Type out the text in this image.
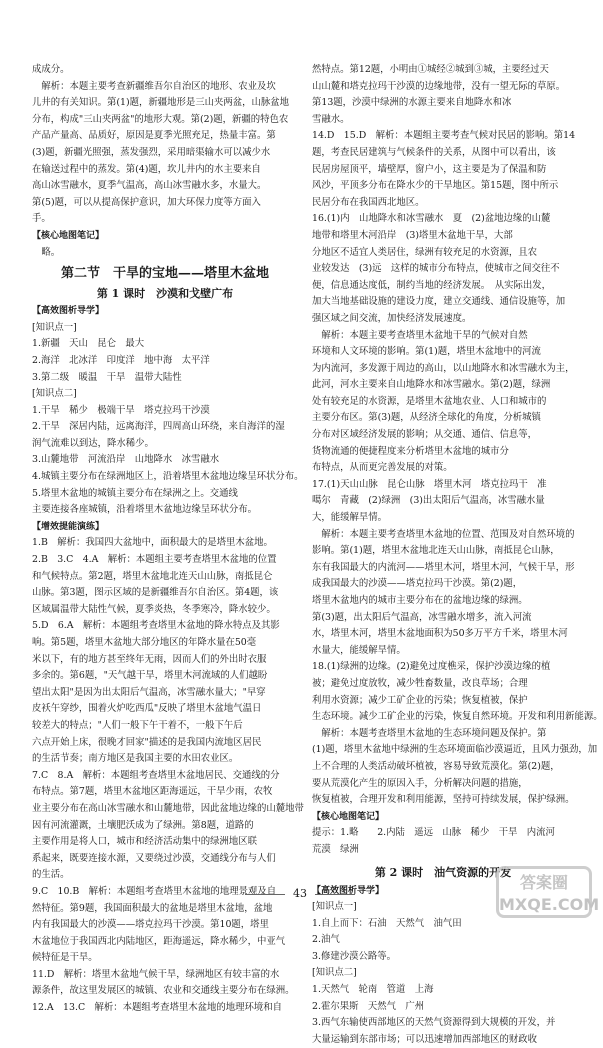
成成分。
　解析：本题主要考查新疆维吾尔自治区的地形、农业及坎
儿井的有关知识。第(1)题，新疆地形是三山夹两盆，山脉盆地
分布，构成"三山夹两盆"的地形大观。第(2)题，新疆的特色农
产品产量高、品质好，原因是夏季光照充足，热量丰富。第
(3)题，新疆光照强，蒸发强烈，采用暗渠输水可以减少水
在输送过程中的蒸发。第(4)题，坎儿井内的水主要来自
高山冰雪融水，夏季气温高，高山冰雪融水多，水量大。
第(5)题，可以从提高保护意识，加大环保力度等方面入
手。
【核心地图笔记】
　略。
第二节　干旱的宝地——塔里木盆地
第 1 课时　沙漠和戈壁广布
【高效图析导学】
[知识点一]
1.新疆　天山　昆仑　最大
2.海洋　北冰洋　印度洋　地中海　太平洋
3.第二级　暖温　干旱　温带大陆性
[知识点二]
1.干旱　稀少　极端干旱　塔克拉玛干沙漠
2.干旱　深居内陆，远离海洋，四周高山环绕，来自海洋的湿
润气流难以到达，降水稀少。
3.山麓地带　河流沿岸　山地降水　冰雪融水
4.城镇主要分布在绿洲地区上，沿着塔里木盆地边缘呈环状分布。
5.塔里木盆地的城镇主要分布在绿洲之上。交通线
主要连接各座城镇，沿着塔里木盆地边缘呈环状分布。
【增效提能演练】
1.B　解析：我国四大盆地中，面积最大的是塔里木盆地。
2.B　3.C　4.A　解析：本题组主要考查塔里木盆地的位置
和气候特点。第2题，塔里木盆地北连天山山脉，南抵昆仑
山脉。第3题，图示区域的是新疆维吾尔自治区。第4题，该
区域属温带大陆性气候，夏季炎热，冬季寒冷，降水较少。
5.D　6.A　解析：本题组考查塔里木盆地的降水特点及其影
响。第5题，塔里木盆地大部分地区的年降水量在50毫
米以下，有的地方甚至终年无雨，因而人们的外出时衣服
多余的。第6题，"天气越干旱，塔里木河流域的人们越盼
望出太阳"是因为出太阳后气温高，冰雪融水量大；"早穿
皮袄午穿纱，围着火炉吃西瓜"反映了塔里木盆地气温日
较差大的特点；"人们一般下午干着不，一般下午后
六点开始上床，很晚才回家"描述的是我国内流地区居民
的生活节奏；南方地区是我国主要的水田农业区。
7.C　8.A　解析：本题组考查塔里木盆地居民、交通线的分
布特点。第7题，塔里木盆地区距海遥远，干旱少雨，农牧
业主要分布在高山冰雪融水和山麓地带，因此盆地边缘的山麓地带
因有河流灌溉，土壤肥沃成为了绿洲。第8题，道路的
主要作用是将人口，城市和经济活动集中的绿洲地区联
系起来，既要连接水源，又要绕过沙漠，交通线分布与人们
的生活。
9.C　10.B　解析：本题组考查塔里木盆地的地理景观及自
然特征。第9题，我国面积最大的盆地是塔里木盆地，盆地
内有我国最大的沙漠——塔克拉玛干沙漠。第10题，塔里
木盆地位于我国西北内陆地区，距海遥远，降水稀少，中亚气
候特征是干旱。
11.D　解析：塔里木盆地气候干旱，绿洲地区有较丰富的水
源条件，故这里发展区的城镇、农业和交通线主要分布在绿洲。
12.A　13.C　解析：本题组考查塔里木盆地的地理环境和自
然特点。第12题，小明由①城经②城到③城，主要经过天
山山麓和塔克拉玛干沙漠的边缘地带，没有一望无际的草原。
第13题，沙漠中绿洲的水源主要来自地降水和冰
雪融水。
14.D　15.D　解析：本题组主要考查气候对民居的影响。第14
题，考查民居建筑与气候条件的关系，从图中可以看出，该
民居房屋顶平，墙壁厚，窗户小，这主要是为了保温和防
风沙，平顶多分布在降水少的干旱地区。第15题，图中所示
民居分布在我国西北地区。
16.(1)内　山地降水和冰雪融水　夏　(2)盆地边缘的山麓
地带和塔里木河沿岸　(3)塔里木盆地干旱，大部
分地区不适宜人类居住，绿洲有较充足的水资源，且农
业较发达　(3)远　这样的城市分布特点，使城市之间交往不
便，信息通达度低，制约当地的经济发展。　从实际出发，
加大当地基础设施的建设力度，建立交通线、通信设施等，加
强区域之间交流，加快经济发展速度。
　解析：本题主要考查塔里木盆地干旱的气候对自然
环境和人文环境的影响。第(1)题，塔里木盆地中的河流
为内流河，多发源于周边的高山，以山地降水和冰雪融水为主，
此河，河水主要来自山地降水和冰雪融水。第(2)题，绿洲
处有较充足的水资源，是塔里木盆地农业、人口和城市的
主要分布区。第(3)题，从经济全球化的角度，分析城镇
分布对区域经济发展的影响；从交通、通信、信息等，
货物流通的便捷程度来分析塔里木盆地的城市分
布特点，从而更完善发展的对策。
17.(1)天山山脉　昆仑山脉　塔里木河　塔克拉玛干　准
噶尔　青藏　(2)绿洲　(3)出太阳后气温高，冰雪融水量
大，能缓解旱情。
　解析：本题主要考查塔里木盆地的位置、范围及对自然环境的
影响。第(1)题，塔里木盆地北连天山山脉，南抵昆仑山脉，
东有我国最大的内流河——塔里木河，塔里木河，气候干旱，形
成我国最大的沙漠——塔克拉玛干沙漠。第(2)题，
塔里木盆地内的城市主要分布在的盆地边缘的绿洲。
第(3)题，出太阳后气温高，冰雪融水增多，流入河流
水，塔里木河，塔里木盆地面积为50多万平方千米，塔里木河
水量大，能缓解旱情。
18.(1)绿洲的边缘。(2)避免过度樵采，保护沙漠边缘的植
被；避免过度放牧，减少牲畜数量，改良草场；合理
利用水资源；减少工矿企业的污染；恢复植被，保护
生态环境。减少工矿企业的污染，恢复自然环境。开发和利用新能源。
　解析：本题考查塔里木盆地的生态环境问题及保护。第
(1)题，塔里木盆地中绿洲的生态环境面临沙漠逼近，且风力强劲，加
上不合理的人类活动破坏植被，容易导致荒漠化。第(2)题，
要从荒漠化产生的原因入手，分析解决问题的措施，
恢复植被，合理开发和利用能源，坚持可持续发展，保护绿洲。
【核心地图笔记】
提示：1.略　　2.内陆　遥远　山脉　稀少　干旱　内流河
荒漠　绿洲
第 2 课时　油气资源的开发
【高效图析导学】
[知识点一]
1.自上而下：石油　天然气　油气田
2.油气
3.修建沙漠公路等。
[知识点二]
1.天然气　轮南　管道　上海
2.霍尔果斯　天然气　广州
3.西气东输使西部地区的天然气资源得到大规模的开发，并
大量运输到东部市场；可以迅速增加西部地区的财政收
43
答案圈
MXQE.COM
